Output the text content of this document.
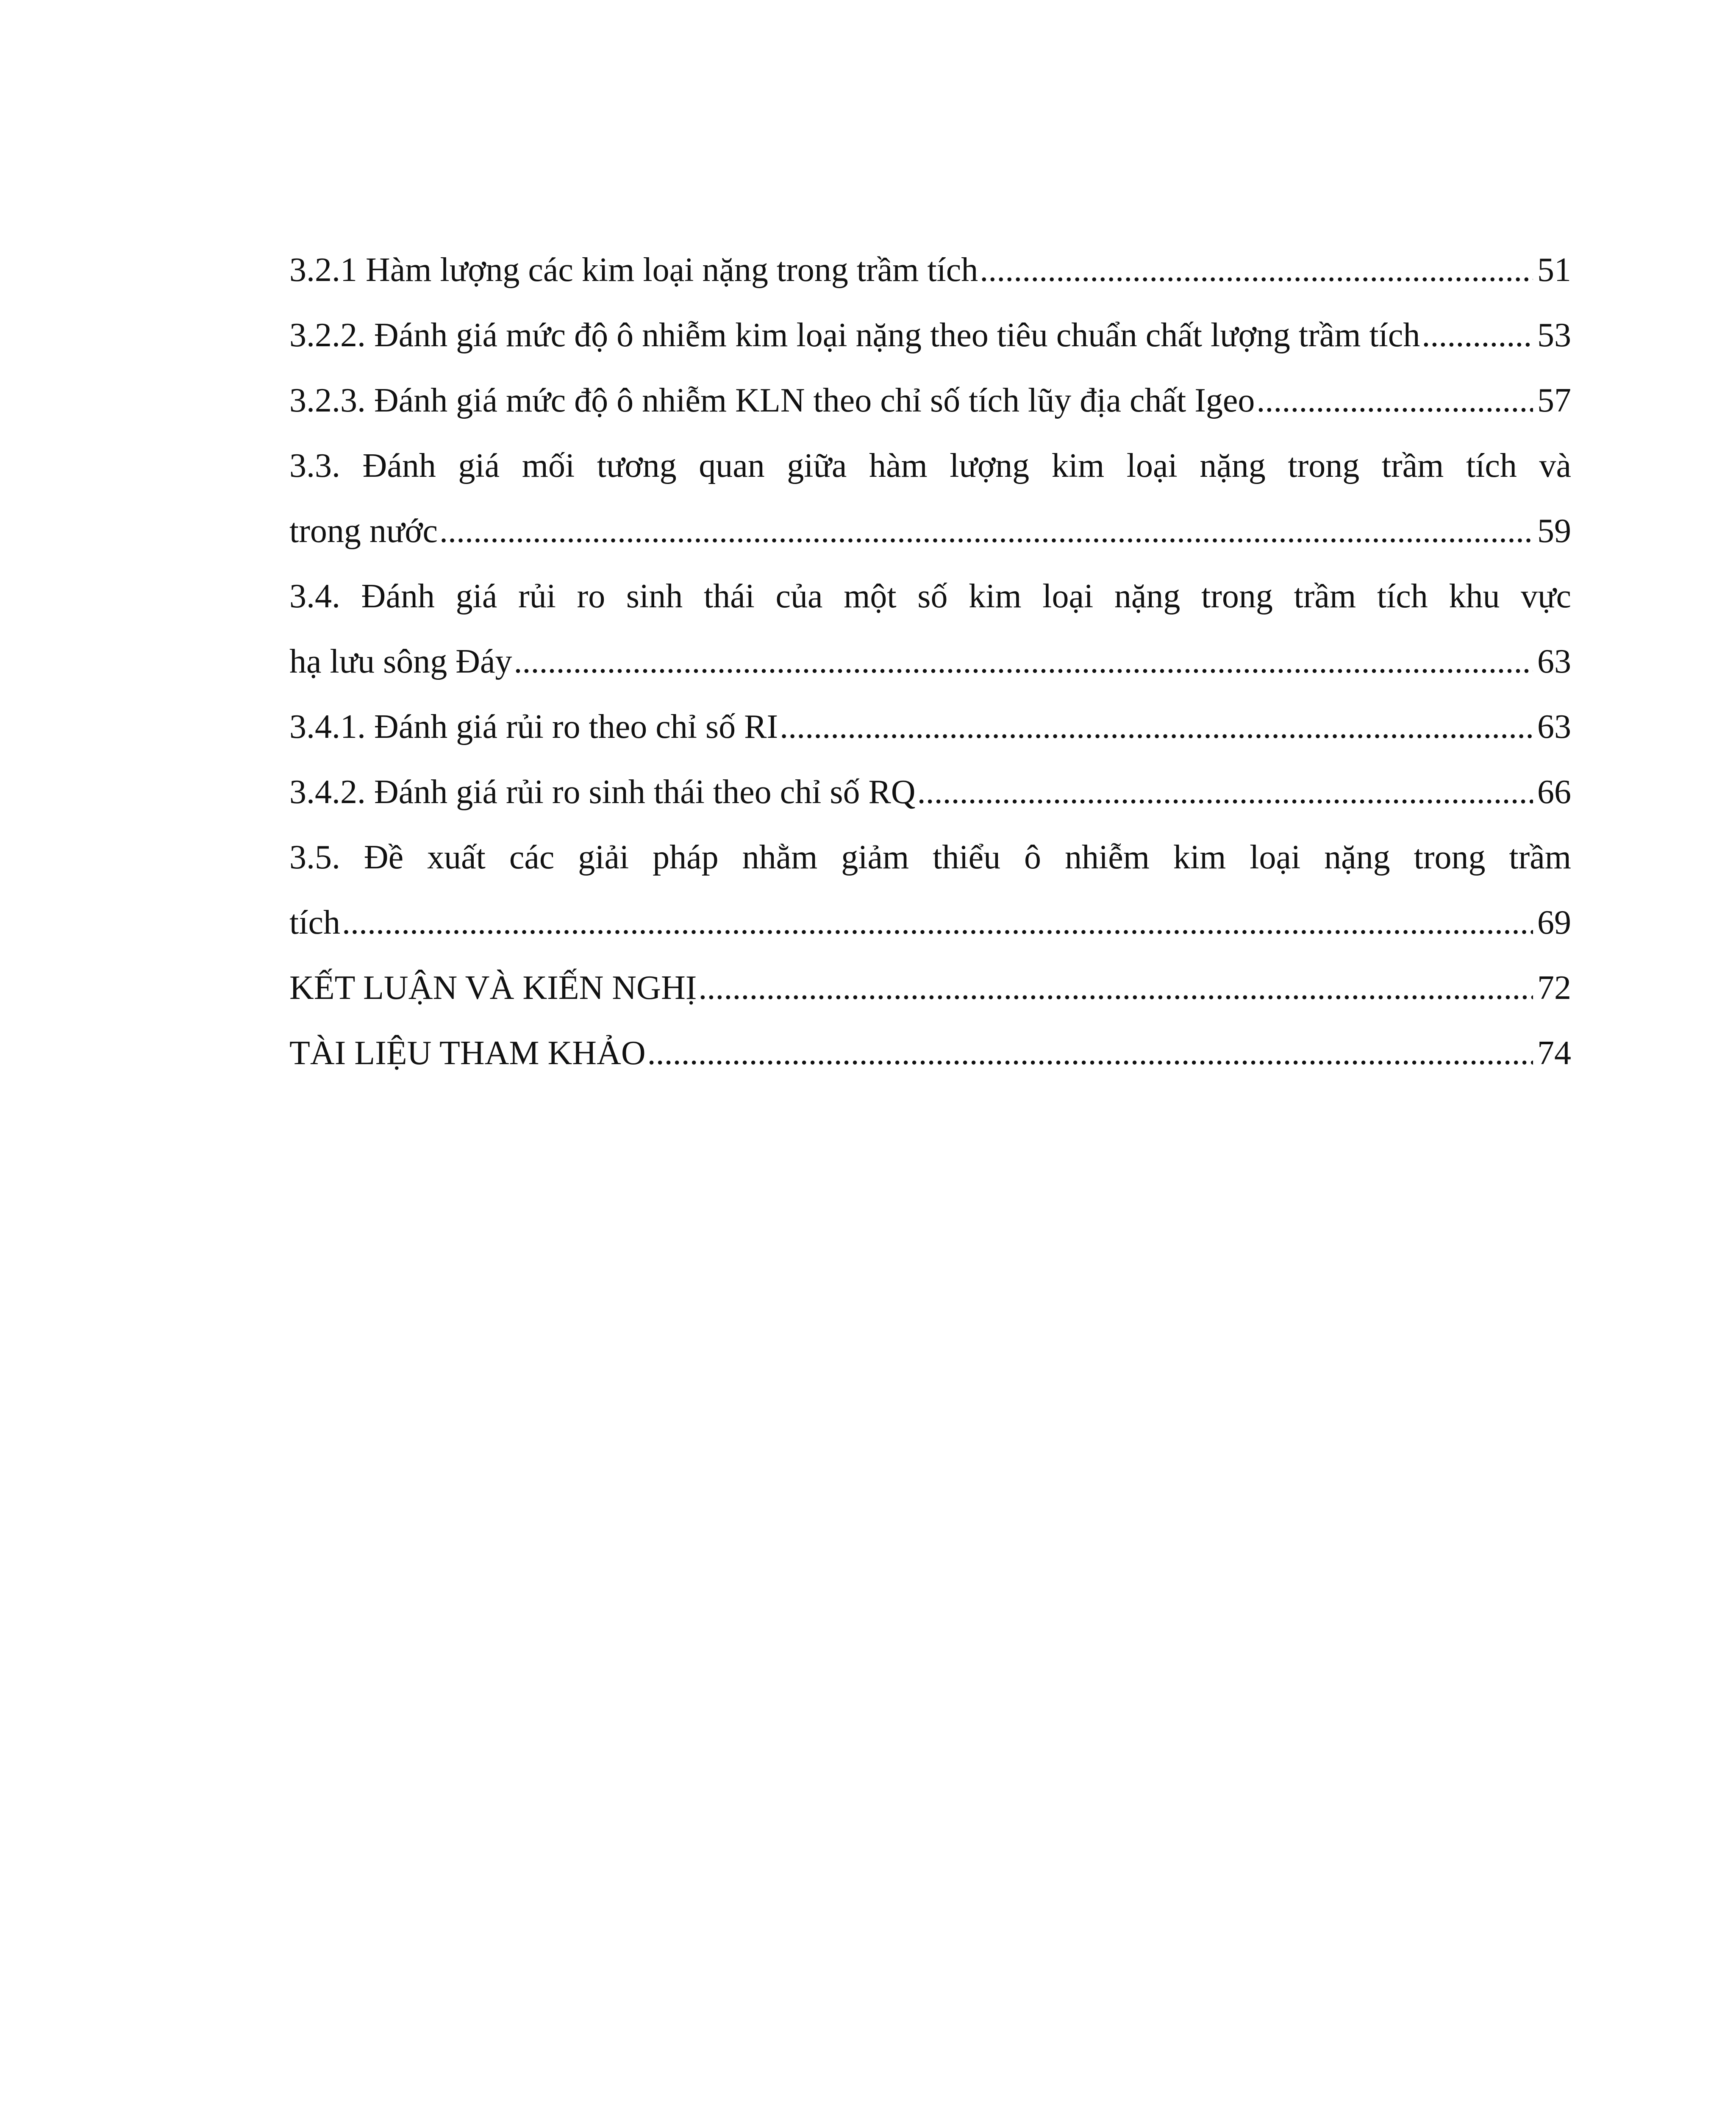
3.2.1 Hàm lượng các kim loại nặng trong trầm tích .....	51
3.2.2. Đánh giá mức độ ô nhiễm kim loại nặng theo tiêu chuẩn chất lượng trầm tích .....	53
3.2.3. Đánh giá mức độ ô nhiễm KLN theo chỉ số tích lũy địa chất Igeo .....	57
3.3. Đánh giá mối tương quan giữa hàm lượng kim loại nặng trong trầm tích và
trong nước .....	59
3.4. Đánh giá rủi ro sinh thái của một số kim loại nặng trong trầm tích khu vực
hạ lưu sông Đáy .....	63
3.4.1. Đánh giá rủi ro theo chỉ số RI .....	63
3.4.2. Đánh giá rủi ro sinh thái theo chỉ số RQ .....	66
3.5. Đề xuất các giải pháp nhằm giảm thiểu ô nhiễm kim loại nặng trong trầm
tích .....	69
KẾT LUẬN VÀ KIẾN NGHỊ .....	72
TÀI LIỆU THAM KHẢO .....	74
